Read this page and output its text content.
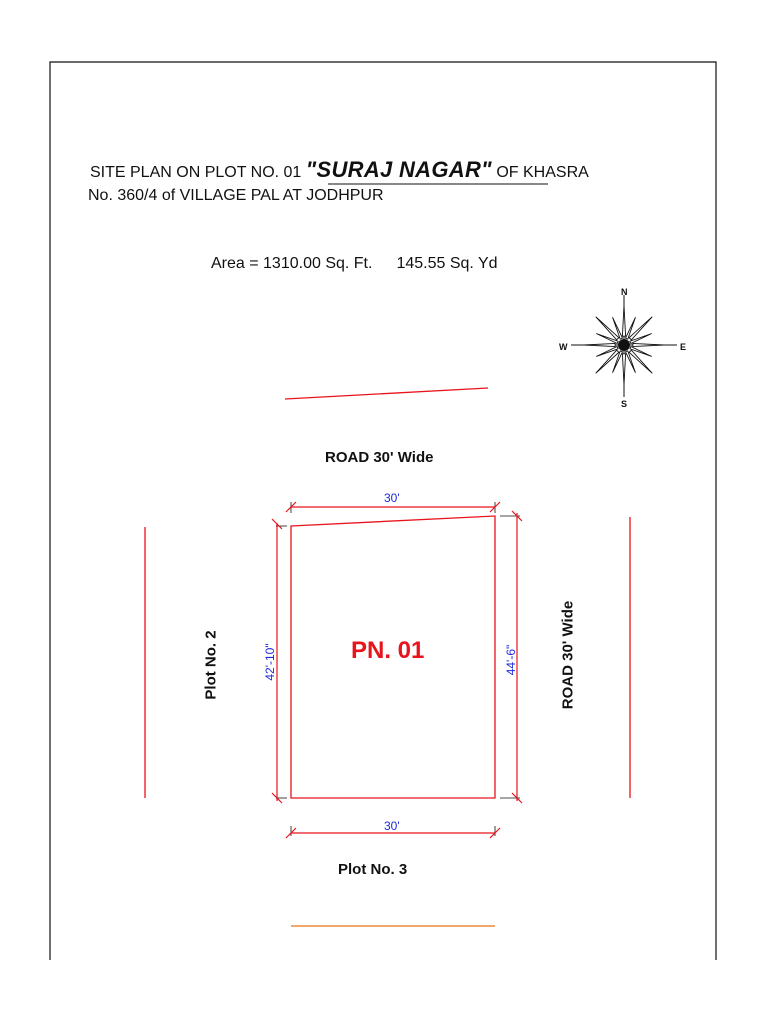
SITE PLAN ON PLOT NO. 01 "SURAJ NAGAR" OF KHASRA
No. 360/4 of VILLAGE PAL AT JODHPUR
Area = 1310.00 Sq. Ft. 145.55 Sq. Yd
N
S
W	E
ROAD 30' Wide
Plot No. 2	ROAD 30' Wide
Plot No. 3
PN. 01
30'
30'
42'-10"	44'-6"
